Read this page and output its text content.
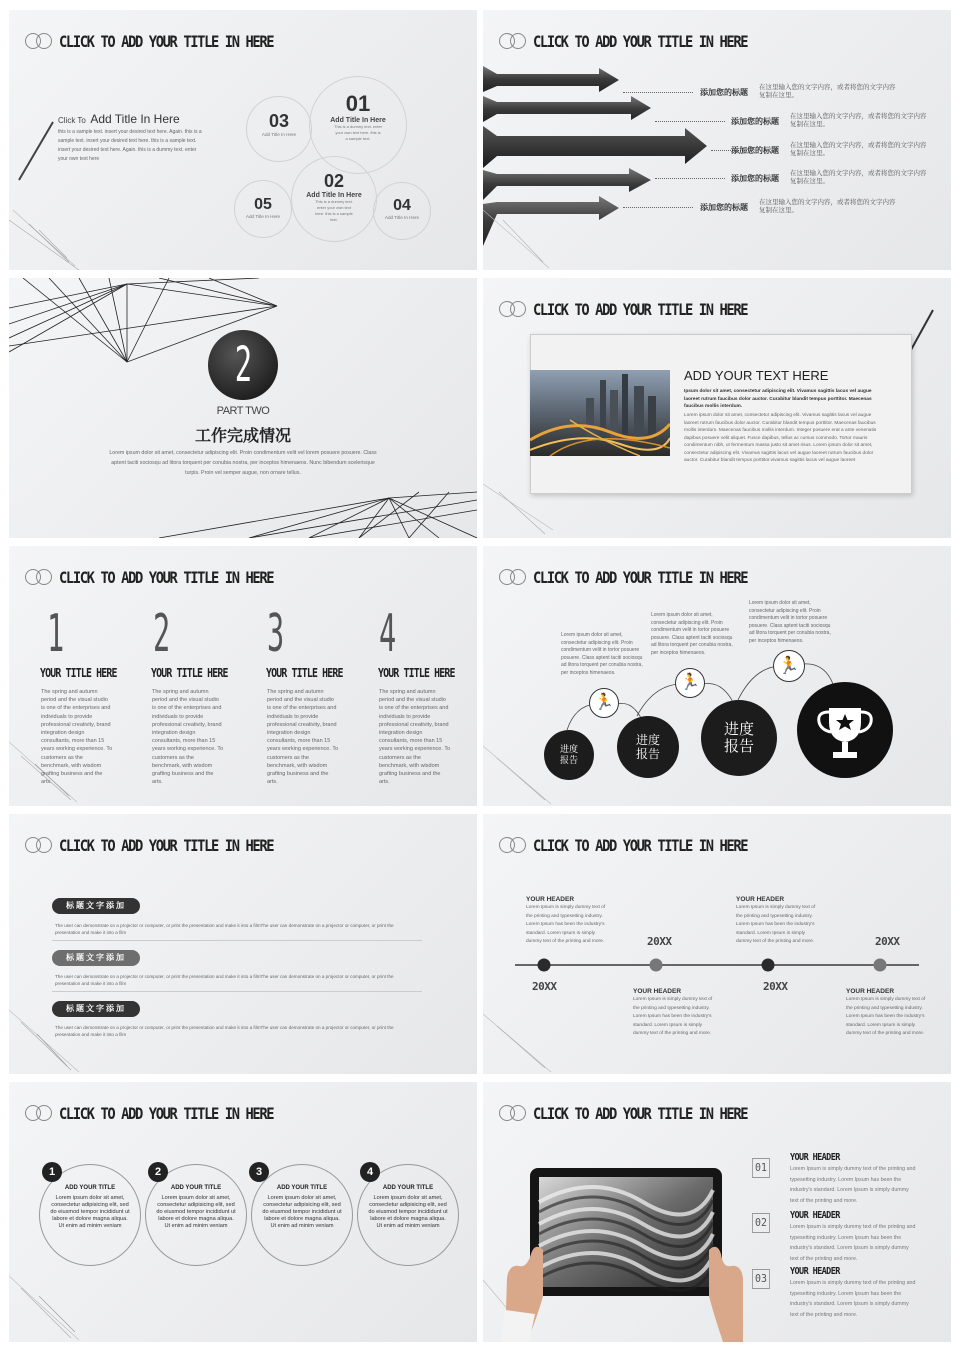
CLICK TO ADD YOUR TITLE IN HERE
Click To Add Title In Here
this is a sample text. insert your desired text here. Again. this is a sample text. insert your desired text here. this is a sample text. insert your desired text here. Again. this is a dummy text. enter your own text here
01
Add Title In Here
This is a dummy text. enter your own text here. this is a sample text.
03
Add Title In Here
02
Add Title In Here
This is a dummy text. enter your own text here. this is a sample text.
05
Add Title In Here
04
Add Title In Here
CLICK TO ADD YOUR TITLE IN HERE
添加您的标题
在这里输入您的文字内容，或者将您的文字内容复制在这里。
添加您的标题
在这里输入您的文字内容，或者将您的文字内容复制在这里。
添加您的标题
在这里输入您的文字内容，或者将您的文字内容复制在这里。
添加您的标题
在这里输入您的文字内容，或者将您的文字内容复制在这里。
添加您的标题
在这里输入您的文字内容，或者将您的文字内容复制在这里。
2
PART TWO
工作完成情况
Lorem ipsum dolor sit amet, consectetur adipiscing elit. Proin condimentum velit vel lorem posuere posuere. Class aptent taciti sociosqu ad litora torquent per conubia nostra, per inceptos himenaeos. Nunc bibendum scelerisque turpis. Proin vel semper augue, non ornare tellus.
CLICK TO ADD YOUR TITLE IN HERE
ADD YOUR TEXT HERE
Ipsum dolor sit amet, consectetur adipiscing elit. Vivamus sagittis lacus vel augue laoreet rutrum faucibus dolor auctor. Curabitur blandit tempus porttitor. Maecenas faucibus mollis interdum.
Lorem ipsum dolor sit amet, consectetur adipiscing elit. Vivamus sagittis lacus vel augue laoreet rutrum faucibus dolor auctor. Curabitur blandit tempus porttitor. Maecenas faucibus mollis interdum. Maecenas faucibus mollis interdum. Integer posuere erat a ante venenatis dapibus posuere velit aliquet. Fusce dapibus, tellus ac cursus commodo. Tortor mauris condimentum nibh, ut fermentum massa justo sit amet risus. Lorem ipsum dolor sit amet, consectetur adipiscing elit. Vivamus sagittis lacus vel augue laoreet rutrum faucibus dolor auctor. Curabitur blandit tempus porttitor.vivamus sagittis lacus vel augue laoreet
CLICK TO ADD YOUR TITLE IN HERE
1
YOUR TITLE HERE
The spring and autumn period and the visual studio is one of the enterprises and individuals to provide professional creativity, brand integration design consultants, more than 15 years working experience. To customers as the benchmark, with wisdom grafting business and the arts.
2
YOUR TITLE HERE
The spring and autumn period and the visual studio is one of the enterprises and individuals to provide professional creativity, brand integration design consultants, more than 15 years working experience. To customers as the benchmark, with wisdom grafting business and the arts.
3
YOUR TITLE HERE
The spring and autumn period and the visual studio is one of the enterprises and individuals to provide professional creativity, brand integration design consultants, more than 15 years working experience. To customers as the benchmark, with wisdom grafting business and the arts.
4
YOUR TITLE HERE
The spring and autumn period and the visual studio is one of the enterprises and individuals to provide professional creativity, brand integration design consultants, more than 15 years working experience. To customers as the benchmark, with wisdom grafting business and the arts.
CLICK TO ADD YOUR TITLE IN HERE
Lorem ipsum dolor sit amet, consectetur adipiscing elit. Proin condimentum velit in tortor posuere posuere. Class aptent taciti sociosqu ad litora torquent per conubia nostra, per inceptos himenaeos.
Lorem ipsum dolor sit amet, consectetur adipiscing elit. Proin condimentum velit in tortor posuere posuere. Class aptent taciti sociosqu ad litora torquent per conubia nostra, per inceptos himenaeos.
Lorem ipsum dolor sit amet, consectetur adipiscing elit. Proin condimentum velit in tortor posuere posuere. Class aptent taciti sociosqu ad litora torquent per conubia nostra, per inceptos himenaeos.
🏃
🏃
🏃
进度
报告
进度
报告
进度
报告
CLICK TO ADD YOUR TITLE IN HERE
标题文字添加
The user can demonstrate on a projector or computer, or print the presentation and make it into a filmThe user can demonstrate on a projector or computer, or print the presentation and make it into a film
标题文字添加
The user can demonstrate on a projector or computer, or print the presentation and make it into a filmThe user can demonstrate on a projector or computer, or print the presentation and make it into a film
标题文字添加
The user can demonstrate on a projector or computer, or print the presentation and make it into a filmThe user can demonstrate on a projector or computer, or print the presentation and make it into a film
CLICK TO ADD YOUR TITLE IN HERE
YOUR HEADER
Lorem Ipsum is simply dummy text of the printing and typesetting industry. Lorem Ipsum has been the industry's standard. Lorem Ipsum is simply dummy text of the printing and more.
20XX
20XX
YOUR HEADER
Lorem Ipsum is simply dummy text of the printing and typesetting industry. Lorem Ipsum has been the industry's standard. Lorem Ipsum is simply dummy text of the printing and more.
YOUR HEADER
Lorem Ipsum is simply dummy text of the printing and typesetting industry. Lorem Ipsum has been the industry's standard. Lorem Ipsum is simply dummy text of the printing and more.
20XX
20XX
YOUR HEADER
Lorem Ipsum is simply dummy text of the printing and typesetting industry. Lorem Ipsum has been the industry's standard. Lorem Ipsum is simply dummy text of the printing and more.
CLICK TO ADD YOUR TITLE IN HERE
ADD YOUR TITLE
Lorem ipsum dolor sit amet, consectetur adipisicing elit, sed do eiusmod tempor incididunt ut labore et dolore magna aliqua. Ut enim ad minim veniam
1
ADD YOUR TITLE
Lorem ipsum dolor sit amet, consectetur adipisicing elit, sed do eiusmod tempor incididunt ut labore et dolore magna aliqua. Ut enim ad minim veniam
2
ADD YOUR TITLE
Lorem ipsum dolor sit amet, consectetur adipisicing elit, sed do eiusmod tempor incididunt ut labore et dolore magna aliqua. Ut enim ad minim veniam
3
ADD YOUR TITLE
Lorem ipsum dolor sit amet, consectetur adipisicing elit, sed do eiusmod tempor incididunt ut labore et dolore magna aliqua. Ut enim ad minim veniam
4
CLICK TO ADD YOUR TITLE IN HERE
01
YOUR HEADER
Lorem Ipsum is simply dummy text of the printing and typesetting industry. Lorem Ipsum has been the industry's standard. Lorem Ipsum is simply dummy text of the printing and more.
02
YOUR HEADER
Lorem Ipsum is simply dummy text of the printing and typesetting industry. Lorem Ipsum has been the industry's standard. Lorem Ipsum is simply dummy text of the printing and more.
03
YOUR HEADER
Lorem Ipsum is simply dummy text of the printing and typesetting industry. Lorem Ipsum has been the industry's standard. Lorem Ipsum is simply dummy text of the printing and more.
